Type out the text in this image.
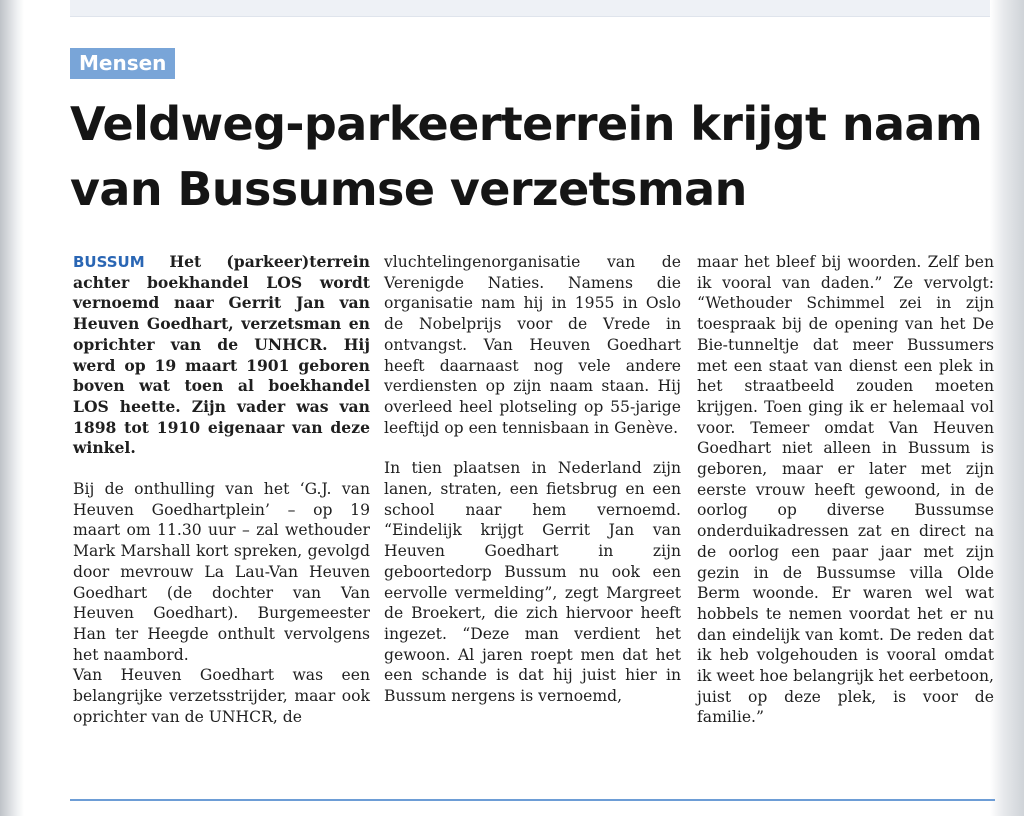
Mensen
Veldweg-parkeerterrein krijgt naam van Bussumse verzetsman

BUSSUM Het (parkeer)terrein achter boekhandel LOS wordt vernoemd naar Gerrit Jan van Heuven Goedhart, verzetsman en oprichter van de UNHCR. Hij werd op 19 maart 1901 geboren boven wat toen al boekhandel LOS heette. Zijn vader was van 1898 tot 1910 eigenaar van deze winkel.

Bij de onthulling van het ‘G.J. van Heuven Goedhartplein’ – op 19 maart om 11.30 uur – zal wethouder Mark Marshall kort spreken, gevolgd door mevrouw La Lau-Van Heuven Goedhart (de dochter van Van Heuven Goedhart). Burgemeester Han ter Heegde onthult vervolgens het naambord.

Van Heuven Goedhart was een belangrijke verzetsstrijder, maar ook oprichter van de UNHCR, de

vluchtelingenorganisatie van de Verenigde Naties. Namens die organisatie nam hij in 1955 in Oslo de Nobelprijs voor de Vrede in ontvangst. Van Heuven Goedhart heeft daarnaast nog vele andere verdiensten op zijn naam staan. Hij overleed heel plotseling op 55-jarige leeftijd op een tennisbaan in Genève.

In tien plaatsen in Nederland zijn lanen, straten, een fietsbrug en een school naar hem vernoemd. “Eindelijk krijgt Gerrit Jan van Heuven Goedhart in zijn geboortedorp Bussum nu ook een eervolle vermelding”, zegt Margreet de Broekert, die zich hiervoor heeft ingezet. “Deze man verdient het gewoon. Al jaren roept men dat het een schande is dat hij juist hier in Bussum nergens is vernoemd,

maar het bleef bij woorden. Zelf ben ik vooral van daden.” Ze vervolgt: “Wethouder Schimmel zei in zijn toespraak bij de opening van het De Bie-tunneltje dat meer Bussumers met een staat van dienst een plek in het straatbeeld zouden moeten krijgen. Toen ging ik er helemaal vol voor. Temeer omdat Van Heuven Goedhart niet alleen in Bussum is geboren, maar er later met zijn eerste vrouw heeft gewoond, in de oorlog op diverse Bussumse onderduikadressen zat en direct na de oorlog een paar jaar met zijn gezin in de Bussumse villa Olde Berm woonde. Er waren wel wat hobbels te nemen voordat het er nu dan eindelijk van komt. De reden dat ik heb volgehouden is vooral omdat ik weet hoe belangrijk het eerbetoon, juist op deze plek, is voor de familie.”
